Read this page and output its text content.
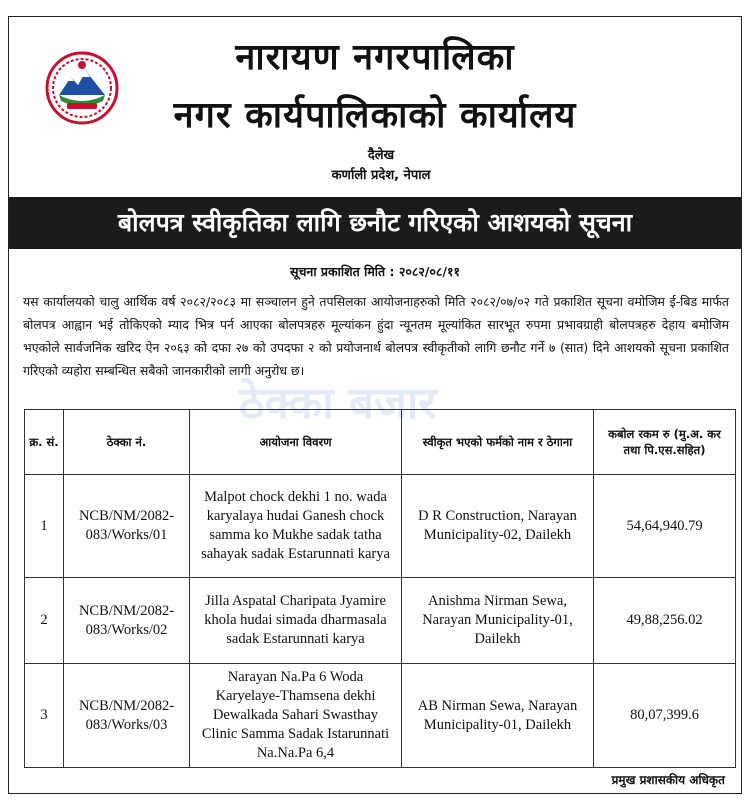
नारायण नगरपालिका
नगर कार्यपालिकाको कार्यालय
दैलेख
कर्णाली प्रदेश, नेपाल
बोलपत्र स्वीकृतिका लागि छनौट गरिएको आशयको सूचना
सूचना प्रकाशित मिति : २०८२/०८/११
यस कार्यालयको चालु आर्थिक वर्ष २०८२/२०८३ मा सञ्चालन हुने तपसिलका आयोजनाहरुको मिति २०८२/०७/०२ गते प्रकाशित सूचना वमोजिम ई-बिड मार्फत बोलपत्र आह्वान भई तोकिएको म्याद भित्र पर्न आएका बोलपत्रहरु मूल्यांकन हुंदा न्यूनतम मूल्यांकित सारभूत रुपमा प्रभावग्राही बोलपत्रहरु देहाय बमोजिम भएकोले सार्वजनिक खरिद ऐन २०६३ को दफा २७ को उपदफा २ को प्रयोजनार्थ बोलपत्र स्वीकृतीको लागि छनौट गर्ने ७ (सात) दिने आशयको सूचना प्रकाशित गरिएको व्यहोरा सम्बन्धित सबैको जानकारीको लागी अनुरोध छ।
ठेक्का बजार
क्र. सं.	ठेक्का नं.	आयोजना विवरण	स्वीकृत भएको फर्मको नाम र ठेगाना	कबोल रकम रु (मु.अ. कर तथा पि.एस.सहित)
1	NCB/NM/2082-083/Works/01	Malpot chock dekhi 1 no. wada karyalaya hudai Ganesh chock samma ko Mukhe sadak tatha sahayak sadak Estarunnati karya	D R Construction, Narayan Municipality-02, Dailekh	54,64,940.79
2	NCB/NM/2082-083/Works/02	Jilla Aspatal Charipata Jyamire khola hudai simada dharmasala sadak Estarunnati karya	Anishma Nirman Sewa, Narayan Municipality-01, Dailekh	49,88,256.02
3	NCB/NM/2082-083/Works/03	Narayan Na.Pa 6 Woda Karyelaye-Thamsena dekhi Dewalkada Sahari Swasthay Clinic Samma Sadak Istarunnati Na.Na.Pa 6,4	AB Nirman Sewa, Narayan Municipality-01, Dailekh	80,07,399.6
प्रमुख प्रशासकीय अधिकृत
